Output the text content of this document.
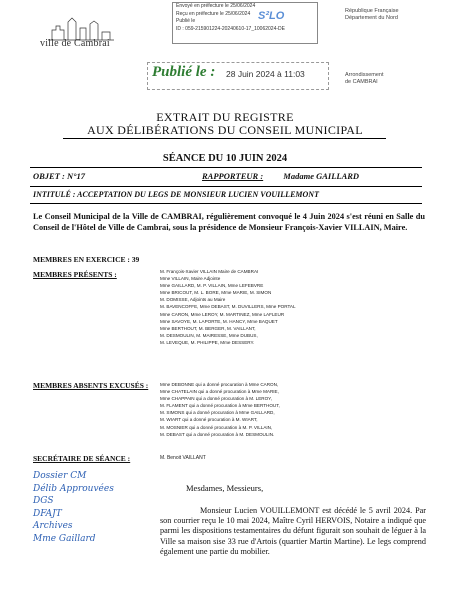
Envoyé en préfecture le 25/06/2024
Reçu en préfecture le 25/06/2024
Publié le
ID : 059-215901224-20240610-17_10062024-DE
S²LO
ville de Cambrai
République Française
Département du Nord
Publié le : 28 Juin 2024 à 11:03	Arrondissement
de CAMBRAI
EXTRAIT DU REGISTRE
AUX DÉLIBÉRATIONS DU CONSEIL MUNICIPAL
SÉANCE DU 10 JUIN 2024
OBJET : N°17	RAPPORTEUR : Madame GAILLARD
INTITULÉ : ACCEPTATION DU LEGS DE MONSIEUR LUCIEN VOUILLEMONT
Le Conseil Municipal de la Ville de CAMBRAI, régulièrement convoqué le 4 Juin 2024 s'est réuni en Salle du Conseil de l'Hôtel de Ville de Cambrai, sous la présidence de Monsieur François-Xavier VILLAIN, Maire.
MEMBRES EN EXERCICE : 39
MEMBRES PRÉSENTS :	M. François-Xavier VILLAIN Maire de CAMBRAI
Mme VILLAIN, Maire Adjointe
Mme GAILLARD, M. P. VILLAIN, Mme LEFEBVRE
Mme BRICOUT, M. L. BORE, Mme MARIE, M. SIMON
M. DOMISSE, Adjoints au Maire
M. BAVENCOFFE, Mme DEBAST, M. DUVILLERS, Mme PORTAL
Mme CARON, Mme LEROY, M. MARTINEZ, Mme LAFLEUR
Mme SAVOYE, M. LAPORTE, M. HANCY, Mme BAQUET
Mme BERTHOUT, M. BERGER, M. VAILLANT,
M. DESMOULIN, M. MAIRESSE, Mme DUBUS,
M. LEVEQUE, M. PHILIPPE, Mme DESSERY.
MEMBRES ABSENTS EXCUSÉS :	Mme DEBONNE qui a donné procuration à Mme CARON,
Mme CHATELAIN qui a donné procuration à Mme MARIE,
Mme CHAPPAIN qui a donné procuration à M. LEROY,
M. FLAMENT qui a donné procuration à Mme BERTHOUT,
M. SIMONS qui a donné procuration à Mme GAILLARD,
M. WIART qui a donné procuration à M. WIART,
M. MOSNIER qui a donné procuration à M. P. VILLAIN,
M. DEBAST qui a donné procuration à M. DESMOULIN.
SECRÉTAIRE DE SÉANCE :	M. Benoit VAILLANT
Dossier CM
Délib Approuvées
DGS
DFAJT
Archives
Mme Gaillard
Mesdames, Messieurs,
Monsieur Lucien VOUILLEMONT est décédé le 5 avril 2024. Par son courrier reçu le 10 mai 2024, Maître Cyril HERVOIS, Notaire a indiqué que parmi les dispositions testamentaires du défunt figurait son souhait de léguer à la Ville sa maison sise 33 rue d'Artois (quartier Martin Martine). Le legs comprend également une partie du mobilier.
